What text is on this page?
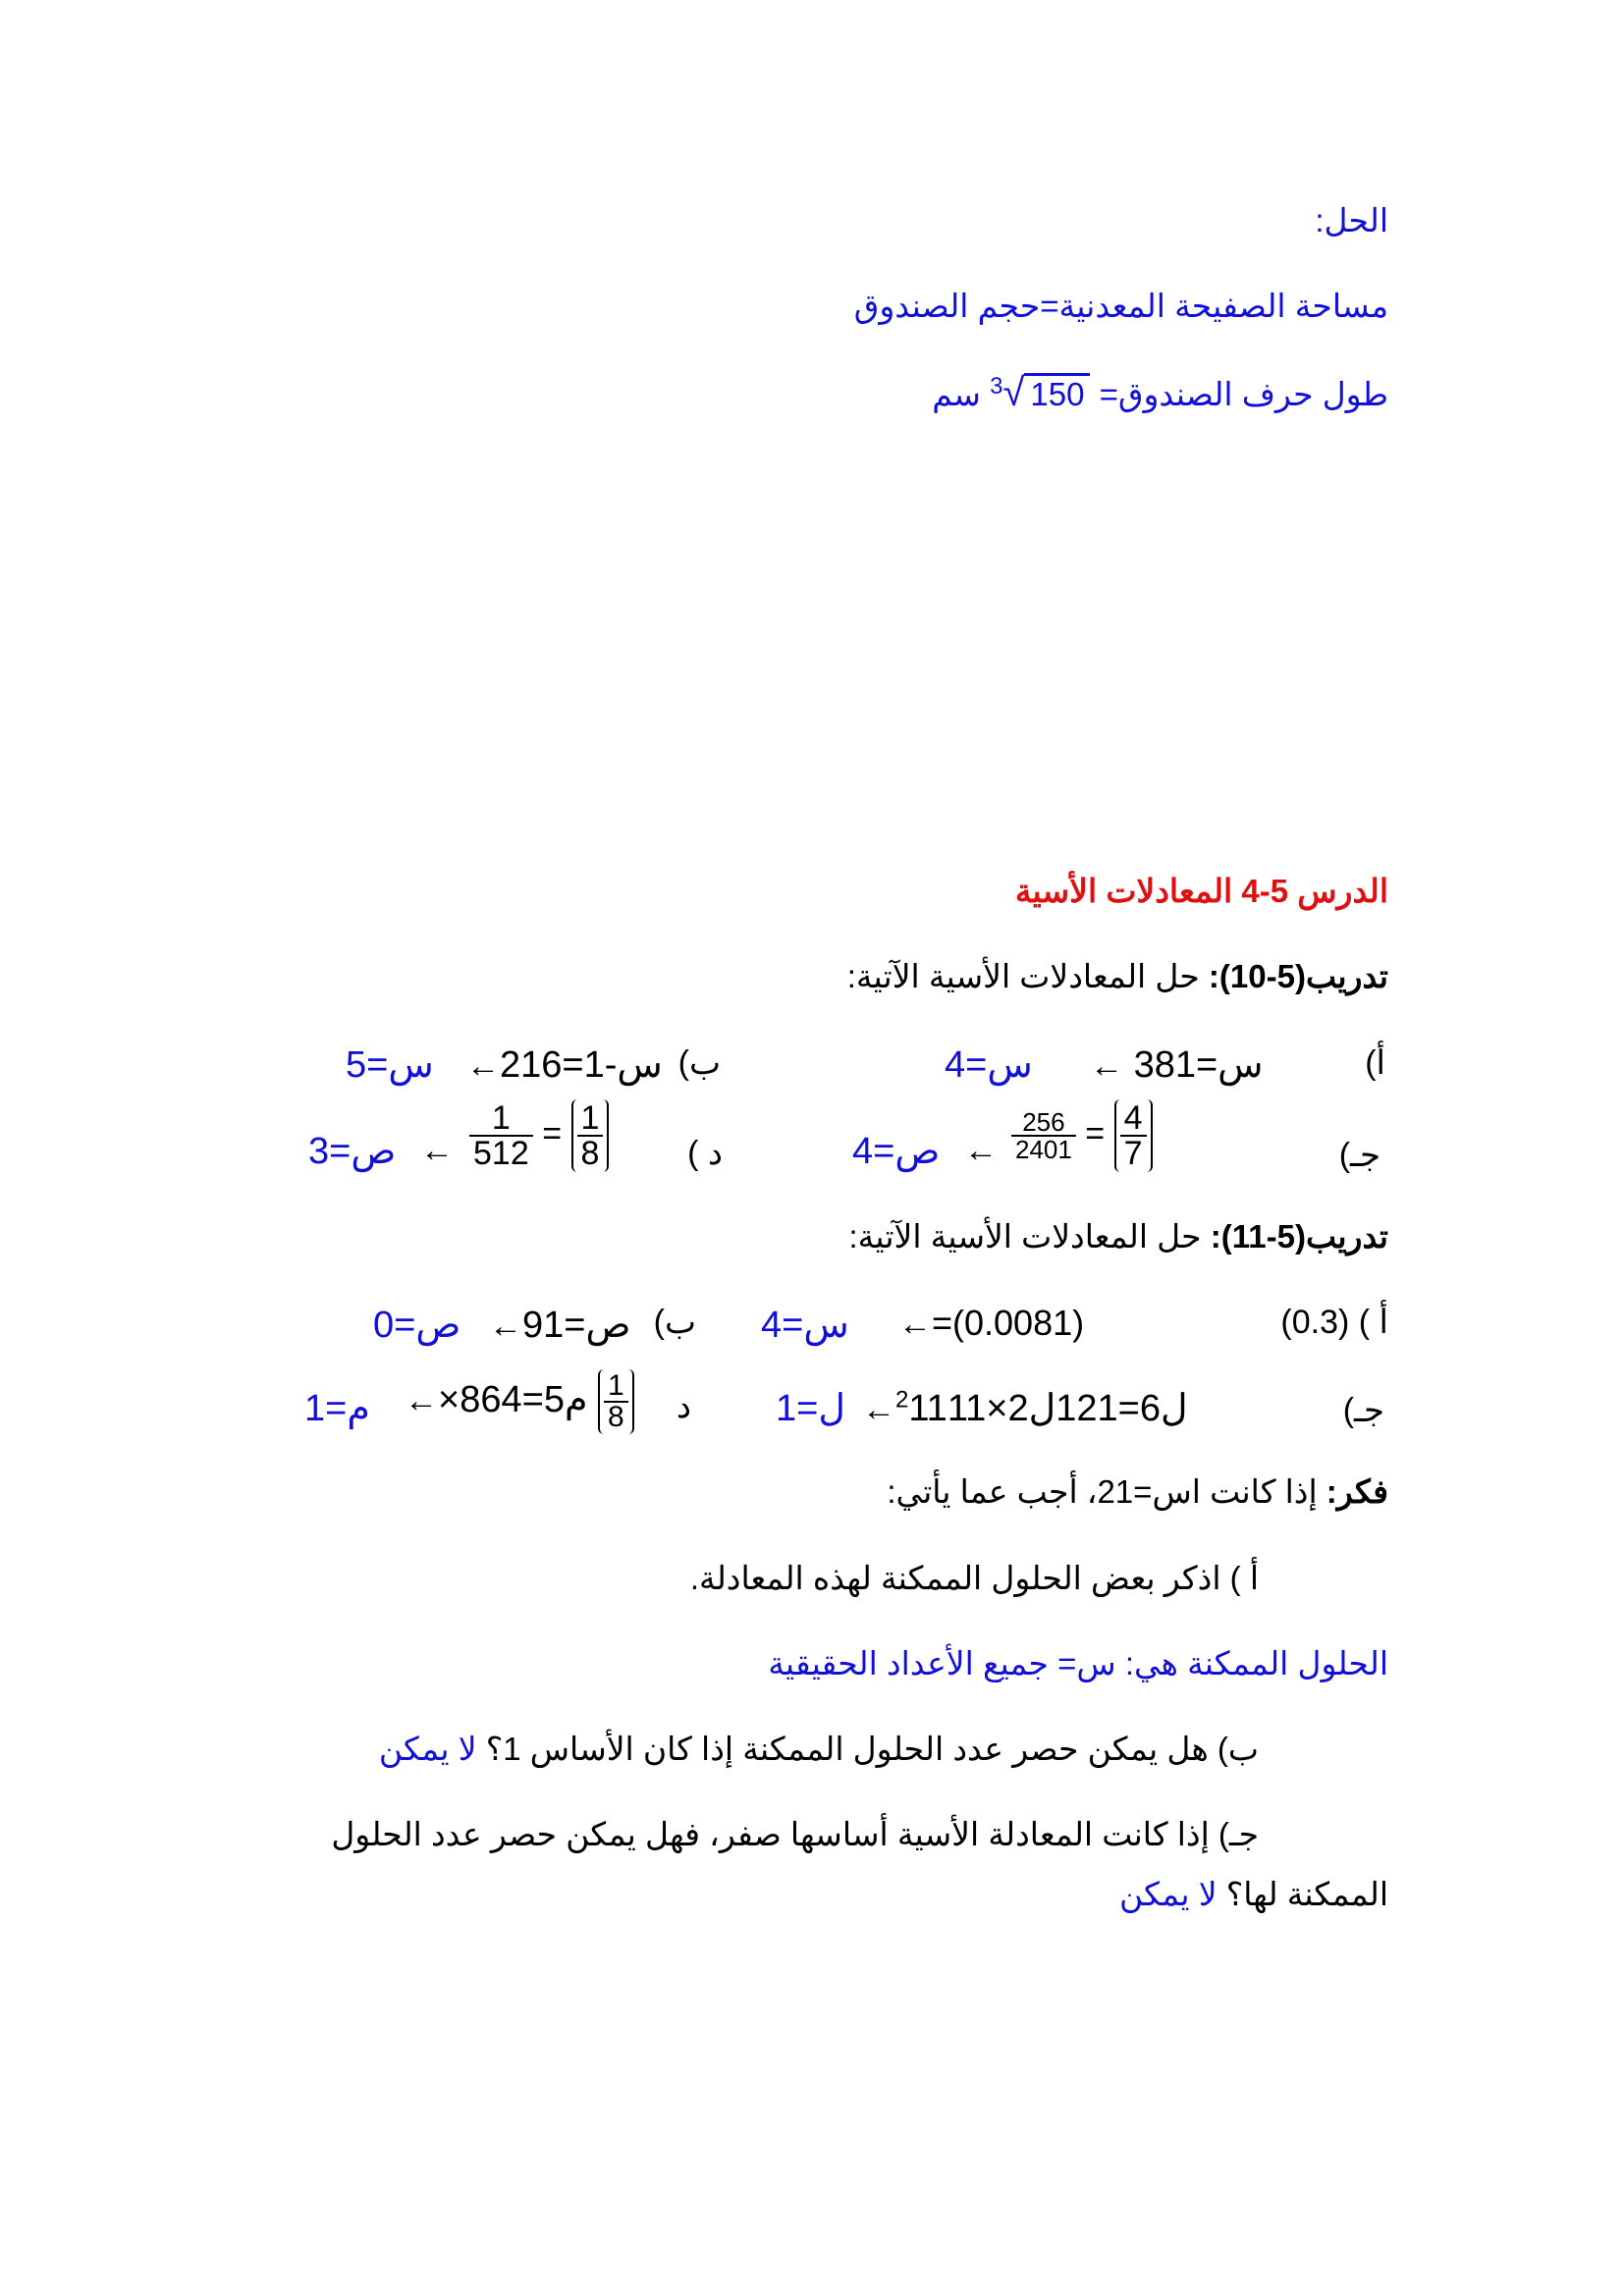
الحل:
مساحة الصفيحة المعدنية=حجم الصندوق
طول حرف الصندوق= $^3$√ 150 سم
الدرس 5-4 المعادلات الأسية
تدريب(5-10): حل المعادلات الأسية الآتية:
أ)
← 3س=81
س=4
ب)
←2س-1=16
س=5
جـ)
$\frac{256}{2401} = \frac{4}{7}$
←
ص=4
د )
$\frac{1}{512} = \frac{1}{8}$
←
ص=3
تدريب(5-11): حل المعادلات الأسية الآتية:
أ ) (0.3)
←=(0.0081)
س=4
ب)
←9ص=1
ص=0
جـ)
←$^2$11ل6=121ل2×11
ل=1
د
←×8م5=64 $\frac{1}{8}$
م=1
فكر: إذا كانت اس=21، أجب عما يأتي:
أ ) اذكر بعض الحلول الممكنة لهذه المعادلة.
الحلول الممكنة هي: س= جميع الأعداد الحقيقية
ب) هل يمكن حصر عدد الحلول الممكنة إذا كان الأساس 1؟ لا يمكن
جـ) إذا كانت المعادلة الأسية أساسها صفر، فهل يمكن حصر عدد الحلول
الممكنة لها؟ لا يمكن
